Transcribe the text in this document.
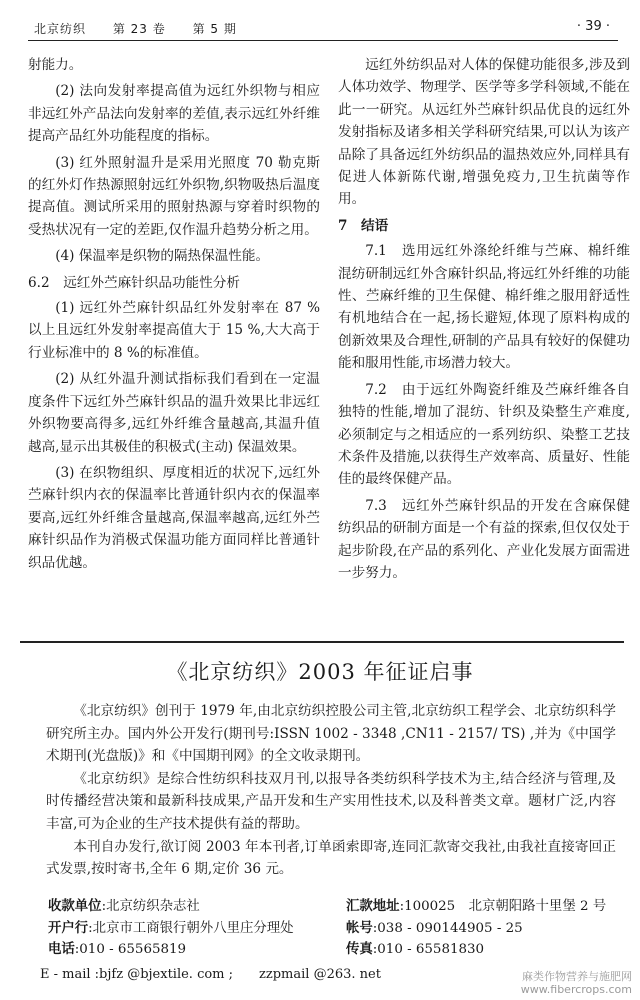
北京纺织 第 23 卷 第 5 期	· 39 ·

射能力。

(2) 法向发射率提高值为远红外织物与相应非远红外产品法向发射率的差值,表示远红外纤维提高产品红外功能程度的指标。

(3) 红外照射温升是采用光照度 70 勒克斯的红外灯作热源照射远红外织物,织物吸热后温度提高值。测试所采用的照射热源与穿着时织物的受热状况有一定的差距,仅作温升趋势分析之用。

(4) 保温率是织物的隔热保温性能。

6.2　远红外苎麻针织品功能性分析

(1) 远红外苎麻针织品红外发射率在 87 %以上且远红外发射率提高值大于 15 %,大大高于行业标准中的 8 %的标准值。

(2) 从红外温升测试指标我们看到在一定温度条件下远红外苎麻针织品的温升效果比非远红外织物要高得多,远红外纤维含量越高,其温升值越高,显示出其极佳的积极式(主动) 保温效果。

(3) 在织物组织、厚度相近的状况下,远红外苎麻针织内衣的保温率比普通针织内衣的保温率要高,远红外纤维含量越高,保温率越高,远红外苎麻针织品作为消极式保温功能方面同样比普通针织品优越。

远红外纺织品对人体的保健功能很多,涉及到人体功效学、物理学、医学等多学科领域,不能在此一一研究。从远红外苎麻针织品优良的远红外发射指标及诸多相关学科研究结果,可以认为该产品除了具备远红外纺织品的温热效应外,同样具有促进人体新陈代谢,增强免疫力,卫生抗菌等作用。

7　结语

7.1　选用远红外涤纶纤维与苎麻、棉纤维混纺研制远红外含麻针织品,将远红外纤维的功能性、苎麻纤维的卫生保健、棉纤维之服用舒适性有机地结合在一起,扬长避短,体现了原料构成的创新效果及合理性,研制的产品具有较好的保健功能和服用性能,市场潜力较大。

7.2　由于远红外陶瓷纤维及苎麻纤维各自独特的性能,增加了混纺、针织及染整生产难度,必须制定与之相适应的一系列纺织、染整工艺技术条件及措施,以获得生产效率高、质量好、性能佳的最终保健产品。

7.3　远红外苎麻针织品的开发在含麻保健纺织品的研制方面是一个有益的探索,但仅仅处于起步阶段,在产品的系列化、产业化发展方面需进一步努力。

《北京纺织》2003 年征证启事

《北京纺织》创刊于 1979 年,由北京纺织控股公司主管,北京纺织工程学会、北京纺织科学研究所主办。国内外公开发行(期刊号:ISSN 1002 - 3348 ,CN11 - 2157/ TS) ,并为《中国学术期刊(光盘版)》和《中国期刊网》的全文收录期刊。

《北京纺织》是综合性纺织科技双月刊,以报导各类纺织科学技术为主,结合经济与管理,及时传播经营决策和最新科技成果,产品开发和生产实用性技术,以及科普类文章。题材广泛,内容丰富,可为企业的生产技术提供有益的帮助。

本刊自办发行,欲订阅 2003 年本刊者,订单函索即寄,连同汇款寄交我社,由我社直接寄回正式发票,按时寄书,全年 6 期,定价 36 元。

收款单位:北京纺织杂志社	汇款地址:100025　北京朝阳路十里堡 2 号
开户行:北京市工商银行朝外八里庄分理处	帐号:038 - 090144905 - 25
电话:010 - 65565819	传真:010 - 65581830
E - mail :bjfz @bjextile. com ;　　zzpmail @263. net	麻类作物营养与施肥网
www.fibercrops.com
